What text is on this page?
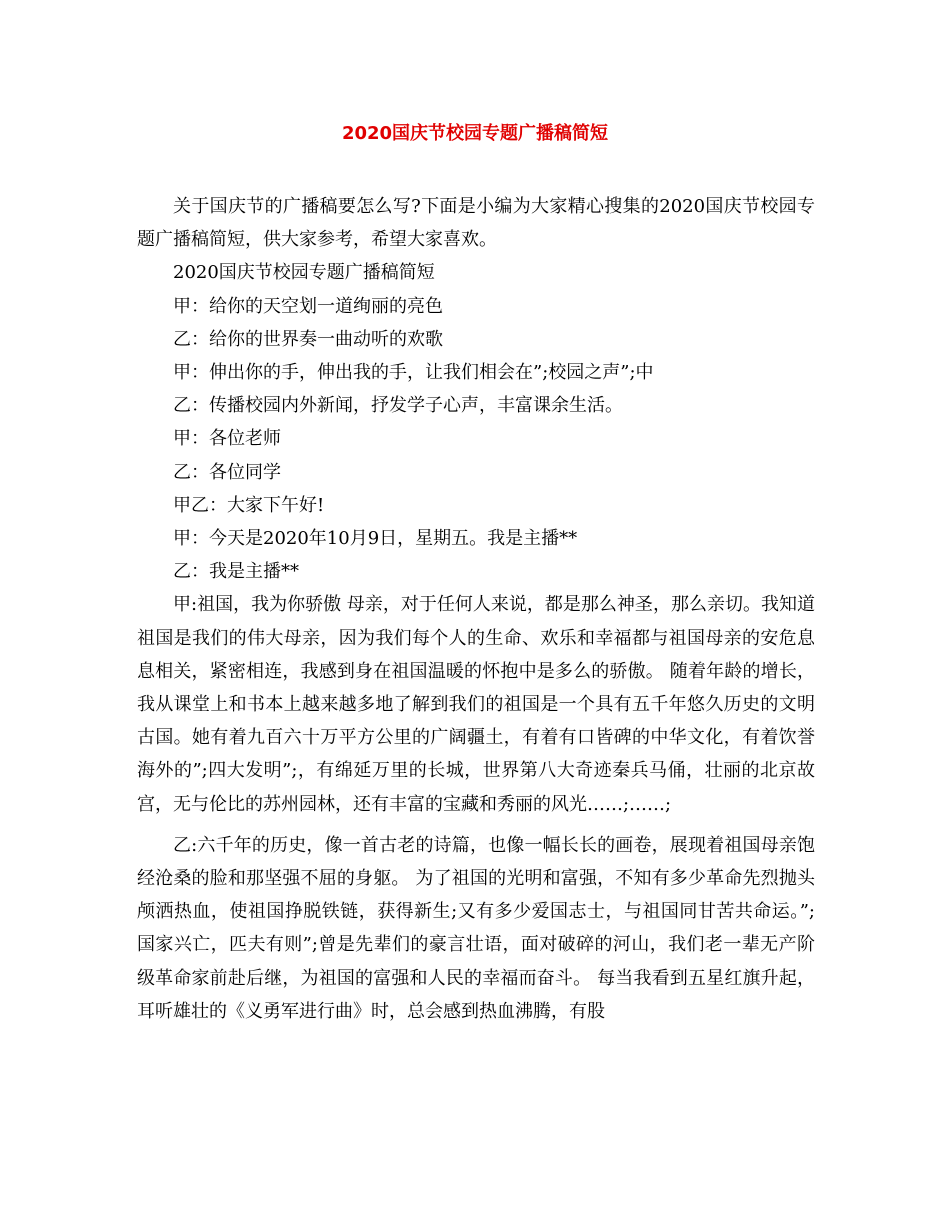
2020国庆节校园专题广播稿简短

关于国庆节的广播稿要怎么写?下面是小编为大家精心搜集的2020国庆节校园专题广播稿简短，供大家参考，希望大家喜欢。

2020国庆节校园专题广播稿简短

甲：给你的天空划一道绚丽的亮色

乙：给你的世界奏一曲动听的欢歌

甲：伸出你的手，伸出我的手，让我们相会在”;校园之声”;中

乙：传播校园内外新闻，抒发学子心声，丰富课余生活。

甲：各位老师

乙：各位同学

甲乙：大家下午好!

甲：今天是2020年10月9日，星期五。我是主播**

乙：我是主播**

甲:祖国，我为你骄傲 母亲，对于任何人来说，都是那么神圣，那么亲切。我知道祖国是我们的伟大母亲，因为我们每个人的生命、欢乐和幸福都与祖国母亲的安危息息相关，紧密相连，我感到身在祖国温暖的怀抱中是多么的骄傲。 随着年龄的增长，我从课堂上和书本上越来越多地了解到我们的祖国是一个具有五千年悠久历史的文明古国。她有着九百六十万平方公里的广阔疆土，有着有口皆碑的中华文化，有着饮誉海外的”;四大发明”;，有绵延万里的长城，世界第八大奇迹秦兵马俑，壮丽的北京故宫，无与伦比的苏州园林，还有丰富的宝藏和秀丽的风光……;……;

乙:六千年的历史，像一首古老的诗篇，也像一幅长长的画卷，展现着祖国母亲饱经沧桑的脸和那坚强不屈的身躯。 为了祖国的光明和富强，不知有多少革命先烈抛头颅洒热血，使祖国挣脱铁链，获得新生;又有多少爱国志士，与祖国同甘苦共命运。”;国家兴亡，匹夫有则”;曾是先辈们的豪言壮语，面对破碎的河山，我们老一辈无产阶级革命家前赴后继，为祖国的富强和人民的幸福而奋斗。 每当我看到五星红旗升起，耳听雄壮的《义勇军进行曲》时，总会感到热血沸腾，有股
